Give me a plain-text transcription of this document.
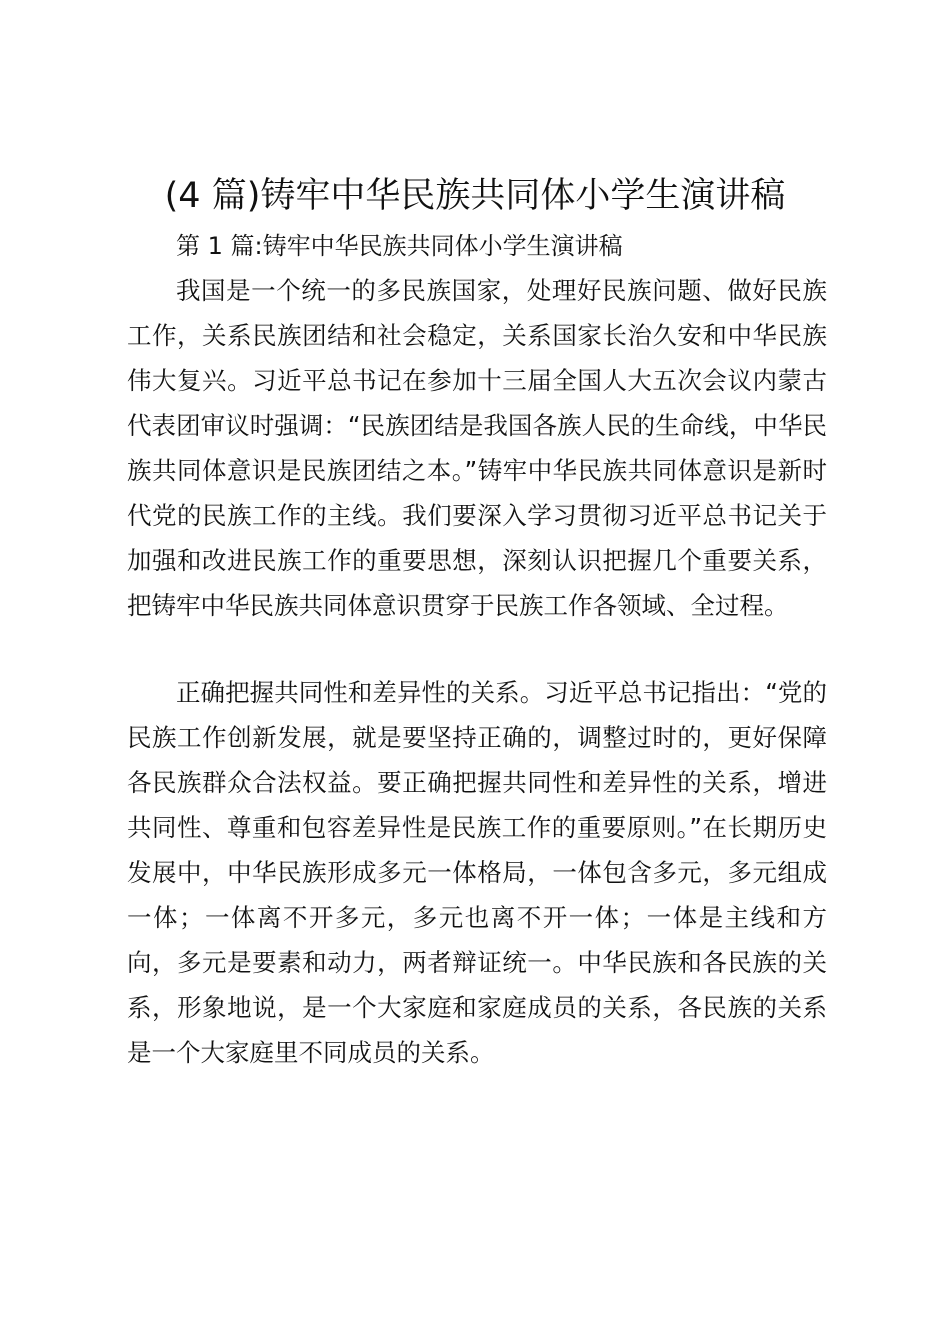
(4 篇)铸牢中华民族共同体小学生演讲稿

第 1 篇:铸牢中华民族共同体小学生演讲稿

我国是一个统一的多民族国家，处理好民族问题、做好民族工作，关系民族团结和社会稳定，关系国家长治久安和中华民族伟大复兴。习近平总书记在参加十三届全国人大五次会议内蒙古代表团审议时强调：“民族团结是我国各族人民的生命线，中华民族共同体意识是民族团结之本。”铸牢中华民族共同体意识是新时代党的民族工作的主线。我们要深入学习贯彻习近平总书记关于加强和改进民族工作的重要思想，深刻认识把握几个重要关系，把铸牢中华民族共同体意识贯穿于民族工作各领域、全过程。

正确把握共同性和差异性的关系。习近平总书记指出：“党的民族工作创新发展，就是要坚持正确的，调整过时的，更好保障各民族群众合法权益。要正确把握共同性和差异性的关系，增进共同性、尊重和包容差异性是民族工作的重要原则。”在长期历史发展中，中华民族形成多元一体格局，一体包含多元，多元组成一体；一体离不开多元，多元也离不开一体；一体是主线和方向，多元是要素和动力，两者辩证统一。中华民族和各民族的关系，形象地说，是一个大家庭和家庭成员的关系，各民族的关系是一个大家庭里不同成员的关系。
